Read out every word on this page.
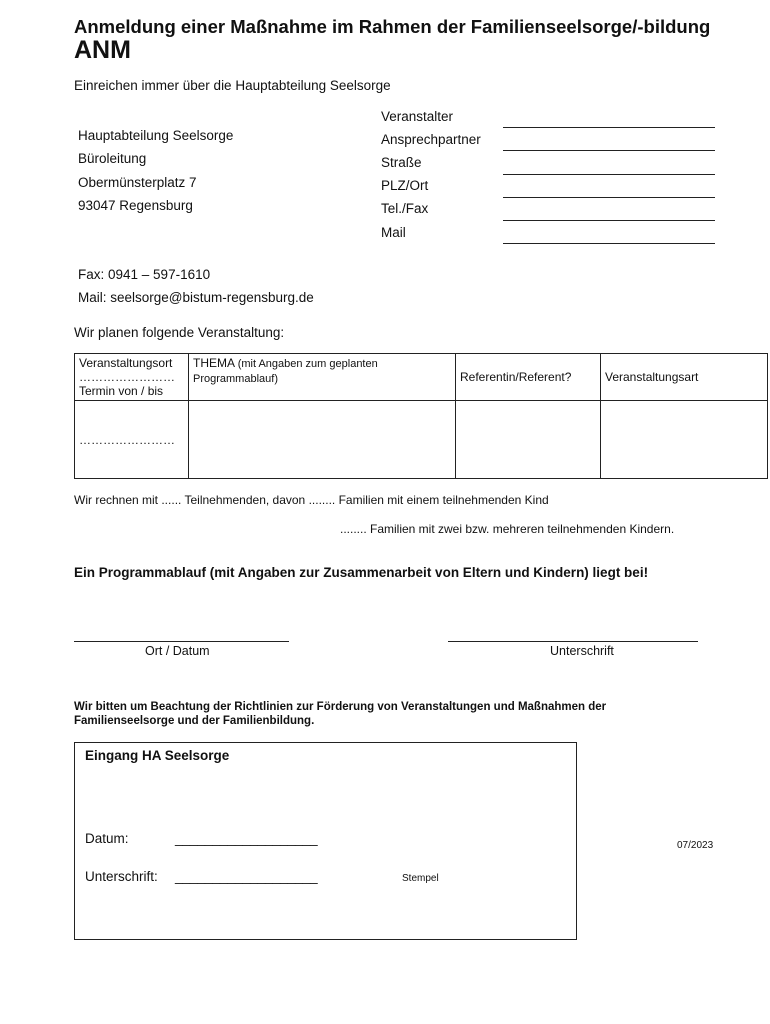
Anmeldung einer Maßnahme im Rahmen der Familienseelsorge/-bildung
ANM
Einreichen immer über die Hauptabteilung Seelsorge
Hauptabteilung Seelsorge
Büroleitung
Obermünsterplatz 7
93047 Regensburg
Veranstalter
Ansprechpartner
Straße
PLZ/Ort
Tel./Fax
Mail
Fax: 0941 – 597-1610
Mail: seelsorge@bistum-regensburg.de
Wir planen folgende Veranstaltung:
Veranstaltungsort
……………………
Termin von / bis	THEMA (mit Angaben zum geplanten Programmablauf)	Referentin/Referent?	Veranstaltungsart
……………………			
Wir rechnen mit ...... Teilnehmenden, davon ........ Familien mit einem teilnehmenden Kind
........ Familien mit zwei bzw. mehreren teilnehmenden Kindern.
Ein Programmablauf (mit Angaben zur Zusammenarbeit von Eltern und Kindern) liegt bei!
Ort / Datum	Unterschrift
Wir bitten um Beachtung der Richtlinien zur Förderung von Veranstaltungen und Maßnahmen der
Familienseelsorge und der Familienbildung.
Eingang HA Seelsorge
Datum:	___________________
Unterschrift: ___________________	Stempel
07/2023
